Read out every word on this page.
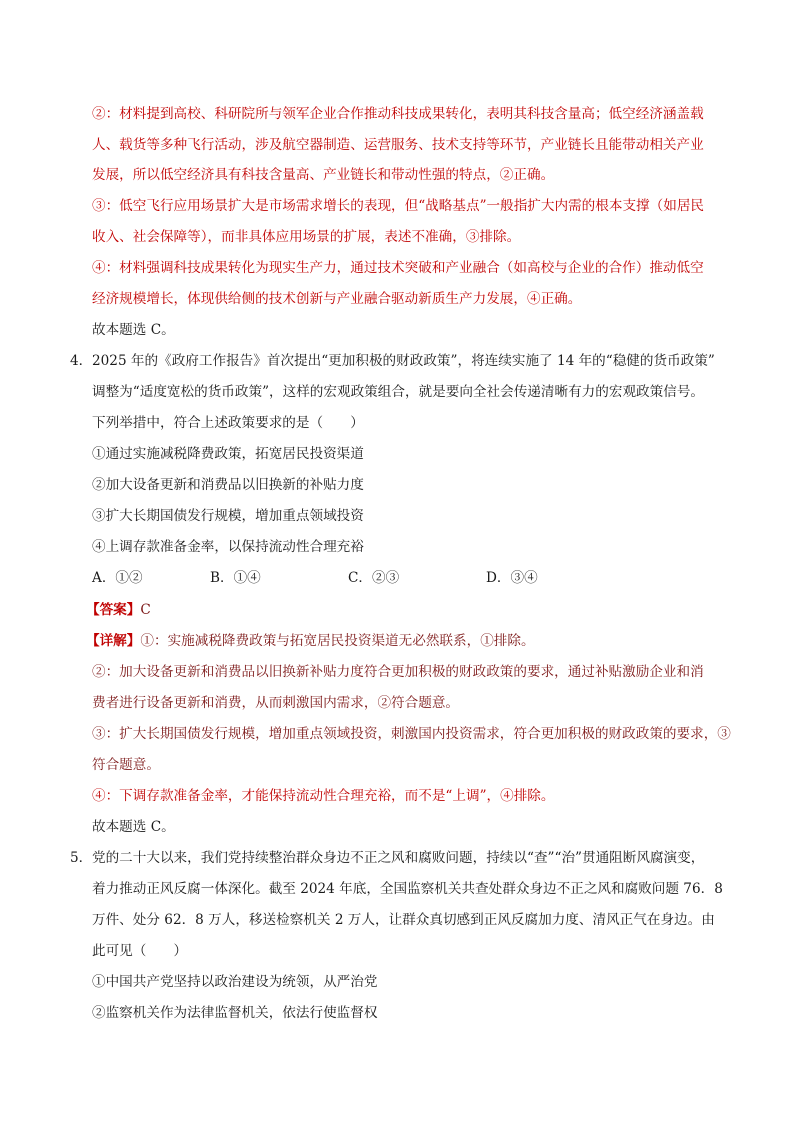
②：材料提到高校、科研院所与领军企业合作推动科技成果转化，表明其科技含量高；低空经济涵盖载
人、载货等多种飞行活动，涉及航空器制造、运营服务、技术支持等环节，产业链长且能带动相关产业
发展，所以低空经济具有科技含量高、产业链长和带动性强的特点，②正确。
③：低空飞行应用场景扩大是市场需求增长的表现，但“战略基点”一般指扩大内需的根本支撑（如居民
收入、社会保障等），而非具体应用场景的扩展，表述不准确，③排除。
④：材料强调科技成果转化为现实生产力，通过技术突破和产业融合（如高校与企业的合作）推动低空
经济规模增长，体现供给侧的技术创新与产业融合驱动新质生产力发展，④正确。
故本题选 C。
4． 2025 年的《政府工作报告》首次提出“更加积极的财政政策”，将连续实施了 14 年的“稳健的货币政策”
调整为“适度宽松的货币政策”，这样的宏观政策组合，就是要向全社会传递清晰有力的宏观政策信号。
下列举措中，符合上述政策要求的是（　　）
①通过实施减税降费政策，拓宽居民投资渠道
②加大设备更新和消费品以旧换新的补贴力度
③扩大长期国债发行规模，增加重点领域投资
④上调存款准备金率，以保持流动性合理充裕
A．①②	B．①④	C．②③	D．③④
【答案】C
【详解】①：实施减税降费政策与拓宽居民投资渠道无必然联系，①排除。
②：加大设备更新和消费品以旧换新补贴力度符合更加积极的财政政策的要求，通过补贴激励企业和消
费者进行设备更新和消费，从而刺激国内需求，②符合题意。
③：扩大长期国债发行规模，增加重点领域投资，刺激国内投资需求，符合更加积极的财政政策的要求，③
符合题意。
④：下调存款准备金率，才能保持流动性合理充裕，而不是“上调”，④排除。
故本题选 C。
5． 党的二十大以来，我们党持续整治群众身边不正之风和腐败问题，持续以“查”“治”贯通阻断风腐演变，
着力推动正风反腐一体深化。截至 2024 年底，全国监察机关共查处群众身边不正之风和腐败问题 76．8
万件、处分 62．8 万人，移送检察机关 2 万人，让群众真切感到正风反腐加力度、清风正气在身边。由
此可见（　　）
①中国共产党坚持以政治建设为统领，从严治党
②监察机关作为法律监督机关，依法行使监督权
